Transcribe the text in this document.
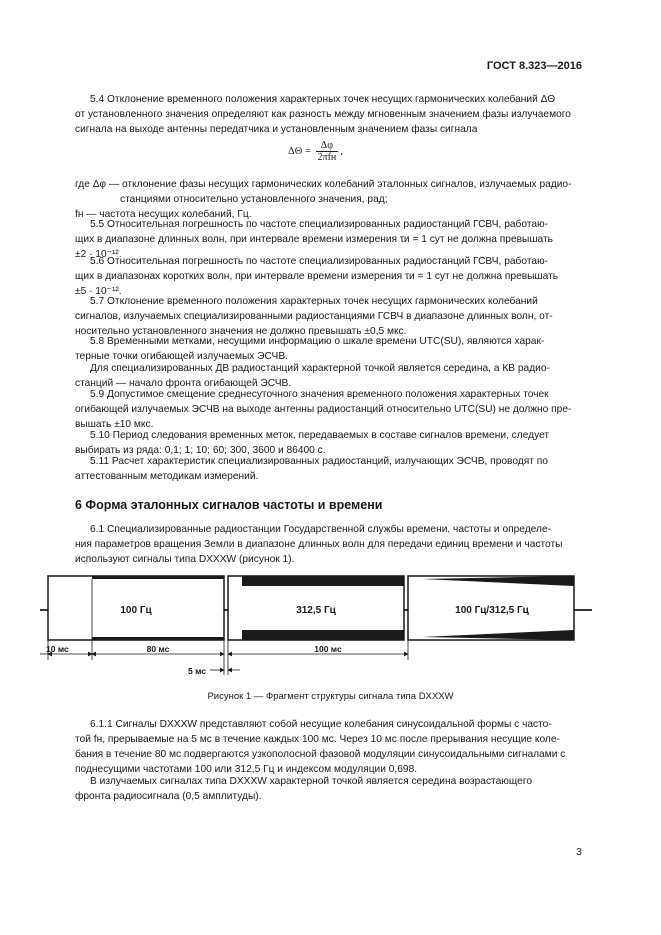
ГОСТ 8.323—2016
5.4 Отклонение временного положения характерных точек несущих гармонических колебаний ΔΘ
от установленного значения определяют как разность между мгновенным значением фазы излучаемого
сигнала на выходе антенны передатчика и установленным значением фазы сигнала
$\Delta\Theta = \frac{\Delta\varphi}{\text{2πfн}}$ ,
где Δφ — отклонение фазы несущих гармонических колебаний эталонных сигналов, излучаемых радио-
станциями относительно установленного значения, рад;
fн — частота несущих колебаний, Гц.
5.5 Относительная погрешность по частоте специализированных радиостанций ГСВЧ, работаю-
щих в диапазоне длинных волн, при интервале времени измерения τи = 1 сут не должна превышать
±2 · 10⁻¹².
5.6 Относительная погрешность по частоте специализированных радиостанций ГСВЧ, работаю-
щих в диапазонах коротких волн, при интервале времени измерения τи = 1 сут не должна превышать
±5 · 10⁻¹².
5.7 Отклонение временного положения характерных точек несущих гармонических колебаний
сигналов, излучаемых специализированными радиостанциями ГСВЧ в диапазоне длинных волн, от-
носительно установленного значения не должно превышать ±0,5 мкс.
5.8 Временными метками, несущими информацию о шкале времени UTC(SU), являются харак-
терные точки огибающей излучаемых ЭСЧВ.
Для специализированных ДВ радиостанций характерной точкой является середина, а КВ радио-
станций — начало фронта огибающей ЭСЧВ.
5.9 Допустимое смещение среднесуточного значения временного положения характерных точек
огибающей излучаемых ЭСЧВ на выходе антенны радиостанций относительно UTC(SU) не должно пре-
вышать ±10 мкс.
5.10 Период следования временных меток, передаваемых в составе сигналов времени, следует
выбирать из ряда: 0,1; 1; 10; 60; 300, 3600 и 86400 с.
5.11 Расчет характеристик специализированных радиостанций, излучающих ЭСЧВ, проводят по
аттестованным методикам измерений.
6 Форма эталонных сигналов частоты и времени
6.1 Специализированные радиостанции Государственной службы времени, частоты и определе-
ния параметров вращения Земли в диапазоне длинных волн для передачи единиц времени и частоты
используют сигналы типа DXXXW (рисунок 1).
100 Гц	312,5 Гц	100 Гц/312,5 Гц
10 мс	80 мс	100 мс
5 мс
Рисунок 1 — Фрагмент структуры сигнала типа DXXXW
6.1.1 Сигналы DXXXW представляют собой несущие колебания синусоидальной формы с часто-
той fн, прерываемые на 5 мс в течение каждых 100 мс. Через 10 мс после прерывания несущие коле-
бания в течение 80 мс подвергаются узкополосной фазовой модуляции синусоидальными сигналами с
поднесущими частотами 100 или 312,5 Гц и индексом модуляции 0,698.
В излучаемых сигналах типа DXXXW характерной точкой является середина возрастающего
фронта радиосигнала (0,5 амплитуды).
3
